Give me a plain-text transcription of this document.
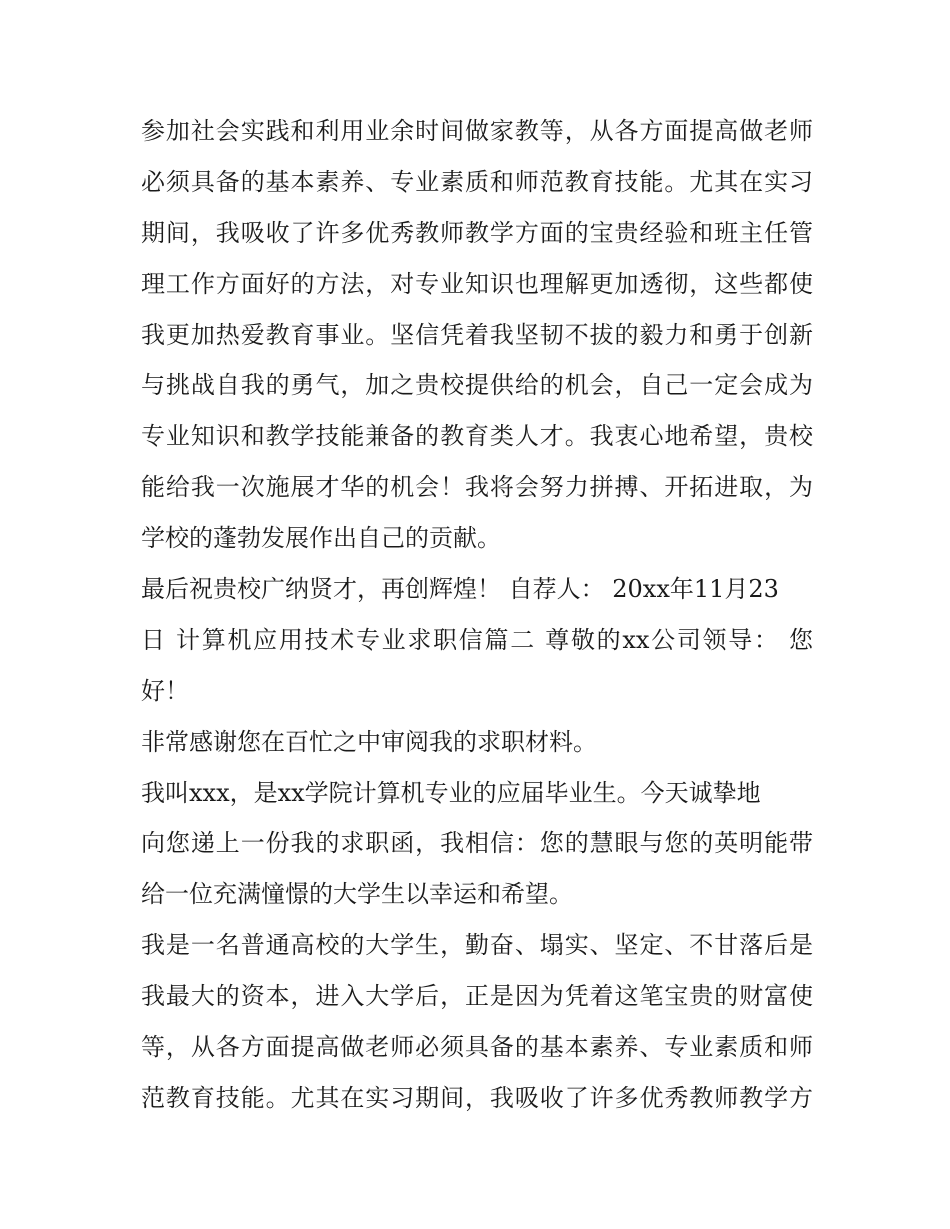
参加社会实践和利用业余时间做家教等，从各方面提高做老师
必须具备的基本素养、专业素质和师范教育技能。尤其在实习
期间，我吸收了许多优秀教师教学方面的宝贵经验和班主任管
理工作方面好的方法，对专业知识也理解更加透彻，这些都使
我更加热爱教育事业。坚信凭着我坚韧不拔的毅力和勇于创新
与挑战自我的勇气，加之贵校提供给的机会，自己一定会成为
专业知识和教学技能兼备的教育类人才。我衷心地希望，贵校
能给我一次施展才华的机会！我将会努力拼搏、开拓进取，为
学校的蓬勃发展作出自己的贡献。
最后祝贵校广纳贤才，再创辉煌！ 自荐人： 20xx年11月23
日 计算机应用技术专业求职信篇二 尊敬的xx公司领导： 您
好！
非常感谢您在百忙之中审阅我的求职材料。
我叫xxx，是xx学院计算机专业的应届毕业生。今天诚挚地
向您递上一份我的求职函，我相信：您的慧眼与您的英明能带
给一位充满憧憬的大学生以幸运和希望。
我是一名普通高校的大学生，勤奋、塌实、坚定、不甘落后是
我最大的资本，进入大学后，正是因为凭着这笔宝贵的财富使
等，从各方面提高做老师必须具备的基本素养、专业素质和师
范教育技能。尤其在实习期间，我吸收了许多优秀教师教学方
